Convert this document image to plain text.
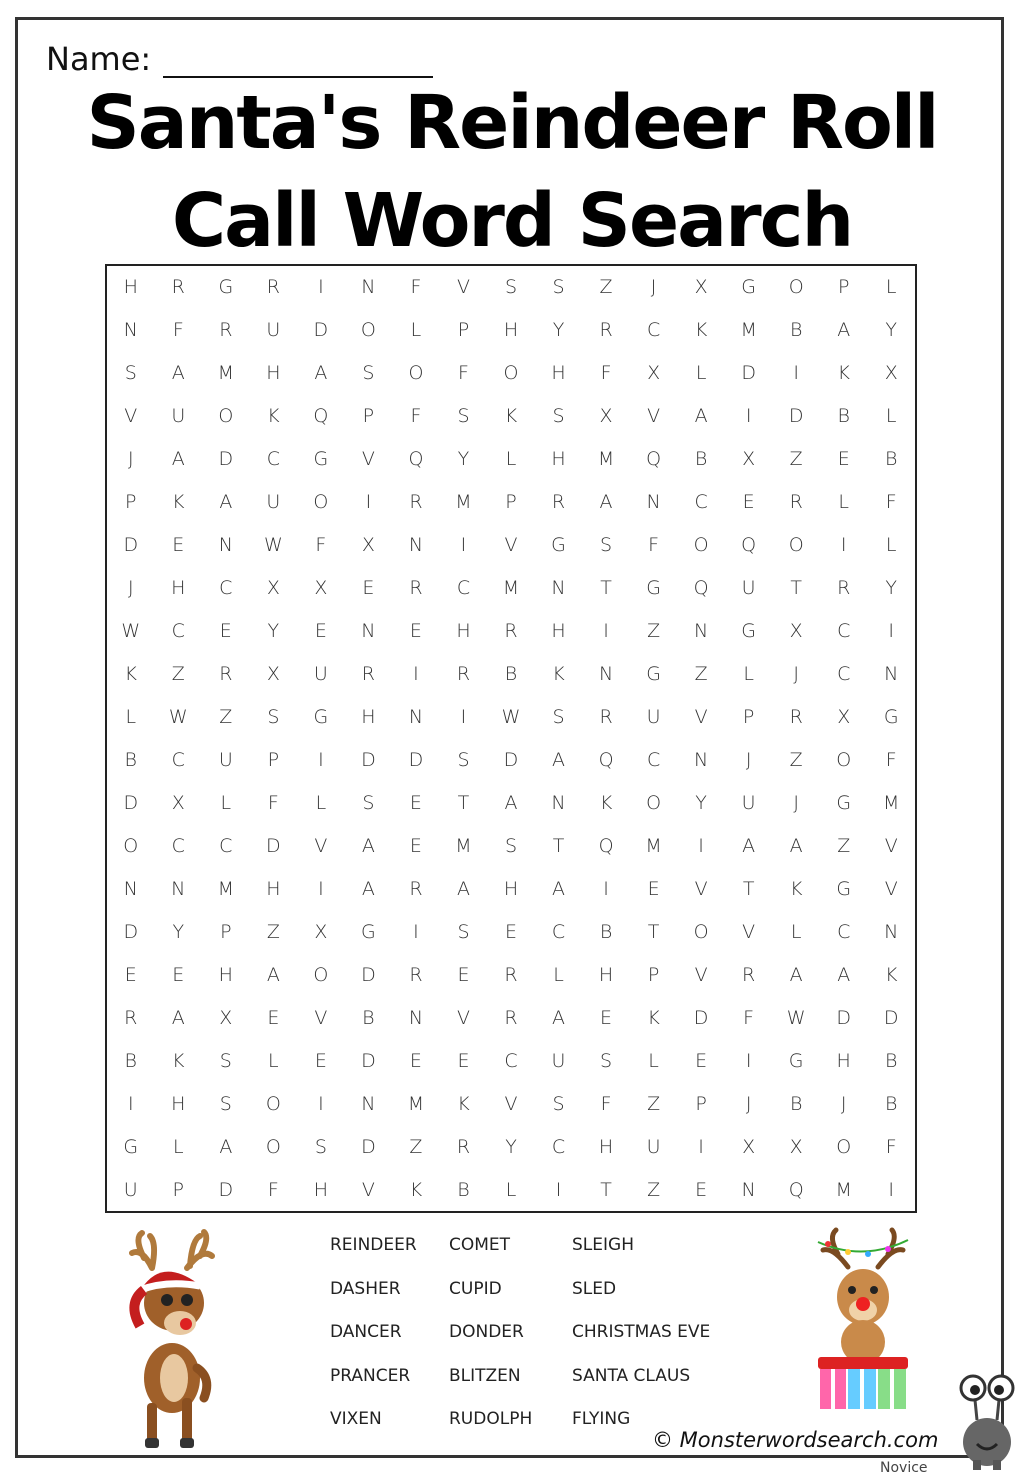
Name:
Santa's Reindeer Roll
Call Word Search
H	R	G	R	I	N	F	V	S	S	Z	J	X	G	O	P	L
N	F	R	U	D	O	L	P	H	Y	R	C	K	M	B	A	Y
S	A	M	H	A	S	O	F	O	H	F	X	L	D	I	K	X
V	U	O	K	Q	P	F	S	K	S	X	V	A	I	D	B	L
J	A	D	C	G	V	Q	Y	L	H	M	Q	B	X	Z	E	B
P	K	A	U	O	I	R	M	P	R	A	N	C	E	R	L	F
D	E	N	W	F	X	N	I	V	G	S	F	O	Q	O	I	L
J	H	C	X	X	E	R	C	M	N	T	G	Q	U	T	R	Y
W	C	E	Y	E	N	E	H	R	H	I	Z	N	G	X	C	I
K	Z	R	X	U	R	I	R	B	K	N	G	Z	L	J	C	N
L	W	Z	S	G	H	N	I	W	S	R	U	V	P	R	X	G
B	C	U	P	I	D	D	S	D	A	Q	C	N	J	Z	O	F
D	X	L	F	L	S	E	T	A	N	K	O	Y	U	J	G	M
O	C	C	D	V	A	E	M	S	T	Q	M	I	A	A	Z	V
N	N	M	H	I	A	R	A	H	A	I	E	V	T	K	G	V
D	Y	P	Z	X	G	I	S	E	C	B	T	O	V	L	C	N
E	E	H	A	O	D	R	E	R	L	H	P	V	R	A	A	K
R	A	X	E	V	B	N	V	R	A	E	K	D	F	W	D	D
B	K	S	L	E	D	E	E	C	U	S	L	E	I	G	H	B
I	H	S	O	I	N	M	K	V	S	F	Z	P	J	B	J	B
G	L	A	O	S	D	Z	R	Y	C	H	U	I	X	X	O	F
U	P	D	F	H	V	K	B	L	I	T	Z	E	N	Q	M	I
REINDEER
DASHER
DANCER
PRANCER
VIXEN
COMET
CUPID
DONDER
BLITZEN
RUDOLPH
SLEIGH
SLED
CHRISTMAS EVE
SANTA CLAUS
FLYING
© Monsterwordsearch.com
Novice
